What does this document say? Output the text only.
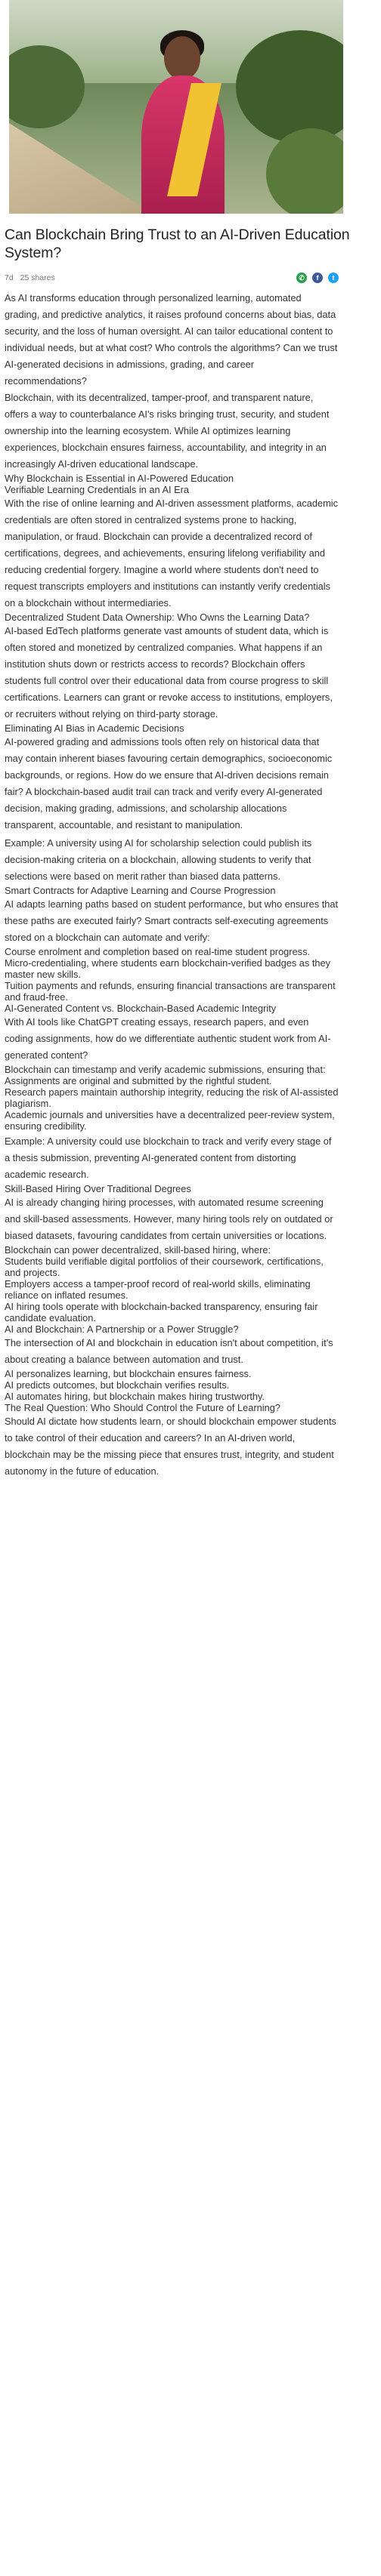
Can Blockchain Bring Trust to an AI-Driven Education System?
7d 25 shares	✆	f	t

As AI transforms education through personalized learning, automated grading, and predictive analytics, it raises profound concerns about bias, data security, and the loss of human oversight. AI can tailor educational content to individual needs, but at what cost? Who controls the algorithms? Can we trust AI-generated decisions in admissions, grading, and career recommendations?

Blockchain, with its decentralized, tamper-proof, and transparent nature, offers a way to counterbalance AI's risks bringing trust, security, and student ownership into the learning ecosystem. While AI optimizes learning experiences, blockchain ensures fairness, accountability, and integrity in an increasingly AI-driven educational landscape.

Why Blockchain is Essential in AI-Powered Education
Verifiable Learning Credentials in an AI Era

With the rise of online learning and AI-driven assessment platforms, academic credentials are often stored in centralized systems prone to hacking, manipulation, or fraud. Blockchain can provide a decentralized record of certifications, degrees, and achievements, ensuring lifelong verifiability and reducing credential forgery. Imagine a world where students don't need to request transcripts employers and institutions can instantly verify credentials on a blockchain without intermediaries.

Decentralized Student Data Ownership: Who Owns the Learning Data?

AI-based EdTech platforms generate vast amounts of student data, which is often stored and monetized by centralized companies. What happens if an institution shuts down or restricts access to records? Blockchain offers students full control over their educational data from course progress to skill certifications. Learners can grant or revoke access to institutions, employers, or recruiters without relying on third-party storage.

Eliminating AI Bias in Academic Decisions

AI-powered grading and admissions tools often rely on historical data that may contain inherent biases favouring certain demographics, socioeconomic backgrounds, or regions. How do we ensure that AI-driven decisions remain fair? A blockchain-based audit trail can track and verify every AI-generated decision, making grading, admissions, and scholarship allocations transparent, accountable, and resistant to manipulation.

Example: A university using AI for scholarship selection could publish its decision-making criteria on a blockchain, allowing students to verify that selections were based on merit rather than biased data patterns.

Smart Contracts for Adaptive Learning and Course Progression

AI adapts learning paths based on student performance, but who ensures that these paths are executed fairly? Smart contracts self-executing agreements stored on a blockchain can automate and verify:

Course enrolment and completion based on real-time student progress.

Micro-credentialing, where students earn blockchain-verified badges as they master new skills.

Tuition payments and refunds, ensuring financial transactions are transparent and fraud-free.

AI-Generated Content vs. Blockchain-Based Academic Integrity

With AI tools like ChatGPT creating essays, research papers, and even coding assignments, how do we differentiate authentic student work from AI-generated content?

Blockchain can timestamp and verify academic submissions, ensuring that:

Assignments are original and submitted by the rightful student.

Research papers maintain authorship integrity, reducing the risk of AI-assisted plagiarism.

Academic journals and universities have a decentralized peer-review system, ensuring credibility.

Example: A university could use blockchain to track and verify every stage of a thesis submission, preventing AI-generated content from distorting academic research.

Skill-Based Hiring Over Traditional Degrees

AI is already changing hiring processes, with automated resume screening and skill-based assessments. However, many hiring tools rely on outdated or biased datasets, favouring candidates from certain universities or locations.

Blockchain can power decentralized, skill-based hiring, where:

Students build verifiable digital portfolios of their coursework, certifications, and projects.

Employers access a tamper-proof record of real-world skills, eliminating reliance on inflated resumes.

AI hiring tools operate with blockchain-backed transparency, ensuring fair candidate evaluation.

AI and Blockchain: A Partnership or a Power Struggle?

The intersection of AI and blockchain in education isn't about competition, it's about creating a balance between automation and trust.

AI personalizes learning, but blockchain ensures fairness.

AI predicts outcomes, but blockchain verifies results.

AI automates hiring, but blockchain makes hiring trustworthy.

The Real Question: Who Should Control the Future of Learning?

Should AI dictate how students learn, or should blockchain empower students to take control of their education and careers? In an AI-driven world, blockchain may be the missing piece that ensures trust, integrity, and student autonomy in the future of education.
